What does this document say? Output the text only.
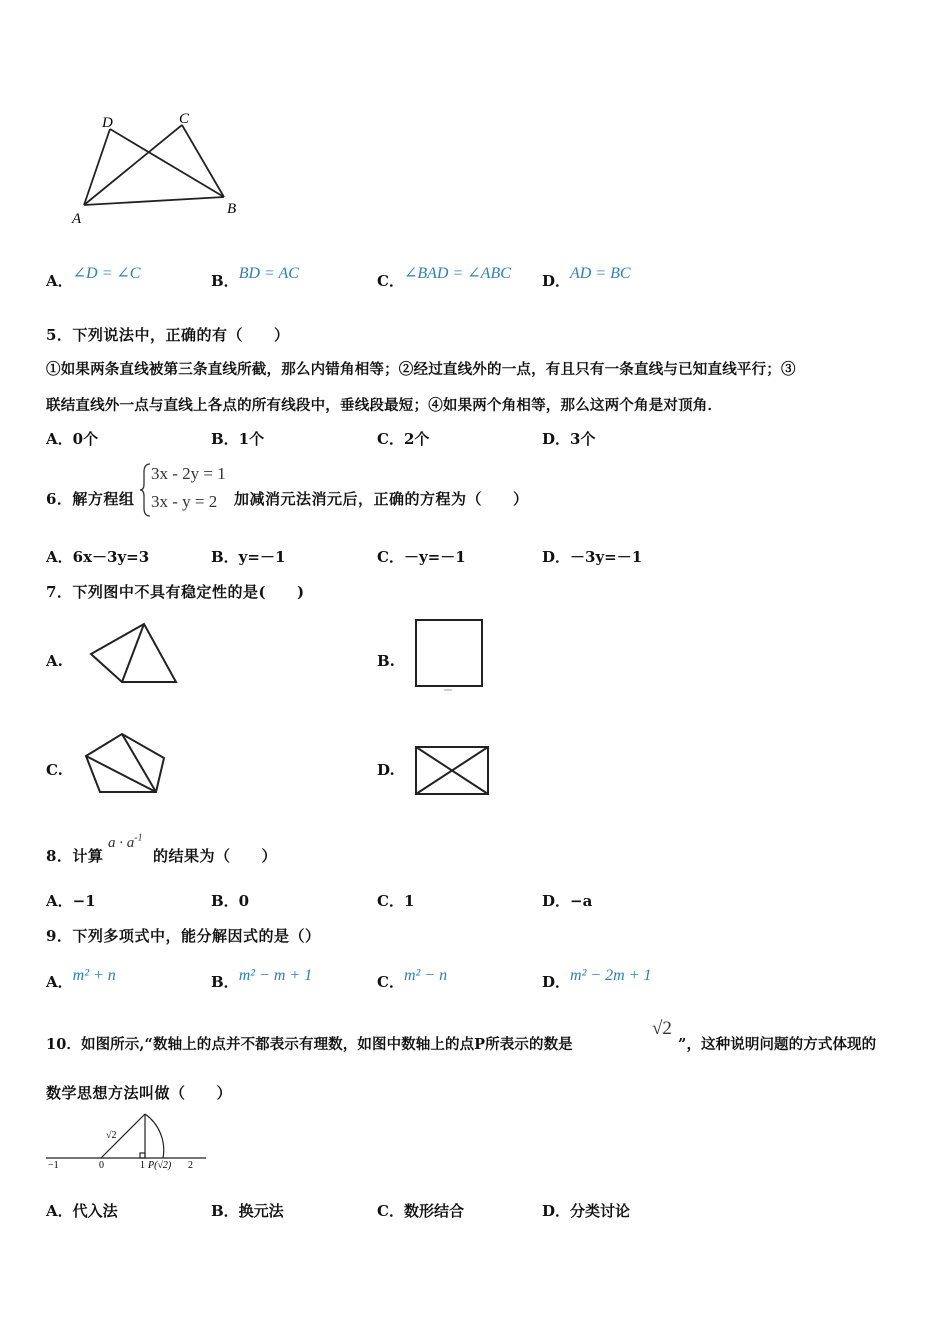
D	C
A
B
A．∠D = ∠C	B．BD = AC	C．∠BAD = ∠ABC D．AD = BC
5．下列说法中，正确的有（　　）
①如果两条直线被第三条直线所截，那么内错角相等；②经过直线外的一点，有且只有一条直线与已知直线平行；③
联结直线外一点与直线上各点的所有线段中，垂线段最短；④如果两个角相等，那么这两个角是对顶角．
A．0个	B．1个	C．2个	D．3个
6．解方程组
3x - 2y = 1
3x - y = 2 加减消元法消元后，正确的方程为（　　）
A．6x－3y=3	B．y=－1	C．－y=－1	D．－3y=－1
7．下列图中不具有稳定性的是(　　)
A.	B.
C.	D.
8．计算
$a \cdot a^{-1}$
的结果为（　　）
A．−1	B．0	C．1	D．−a
9．下列多项式中，能分解因式的是（）
A．m² + n	B．m² − m + 1	C．m² − n	D．m² − 2m + 1
10．如图所示,“数轴上的点并不都表示有理数，如图中数轴上的点P所表示的数是
√2
”，这种说明问题的方式体现的
数学思想方法叫做（　　）
−1	0	1 P(√2) 2
√2
A．代入法	B．换元法	C．数形结合	D．分类讨论
